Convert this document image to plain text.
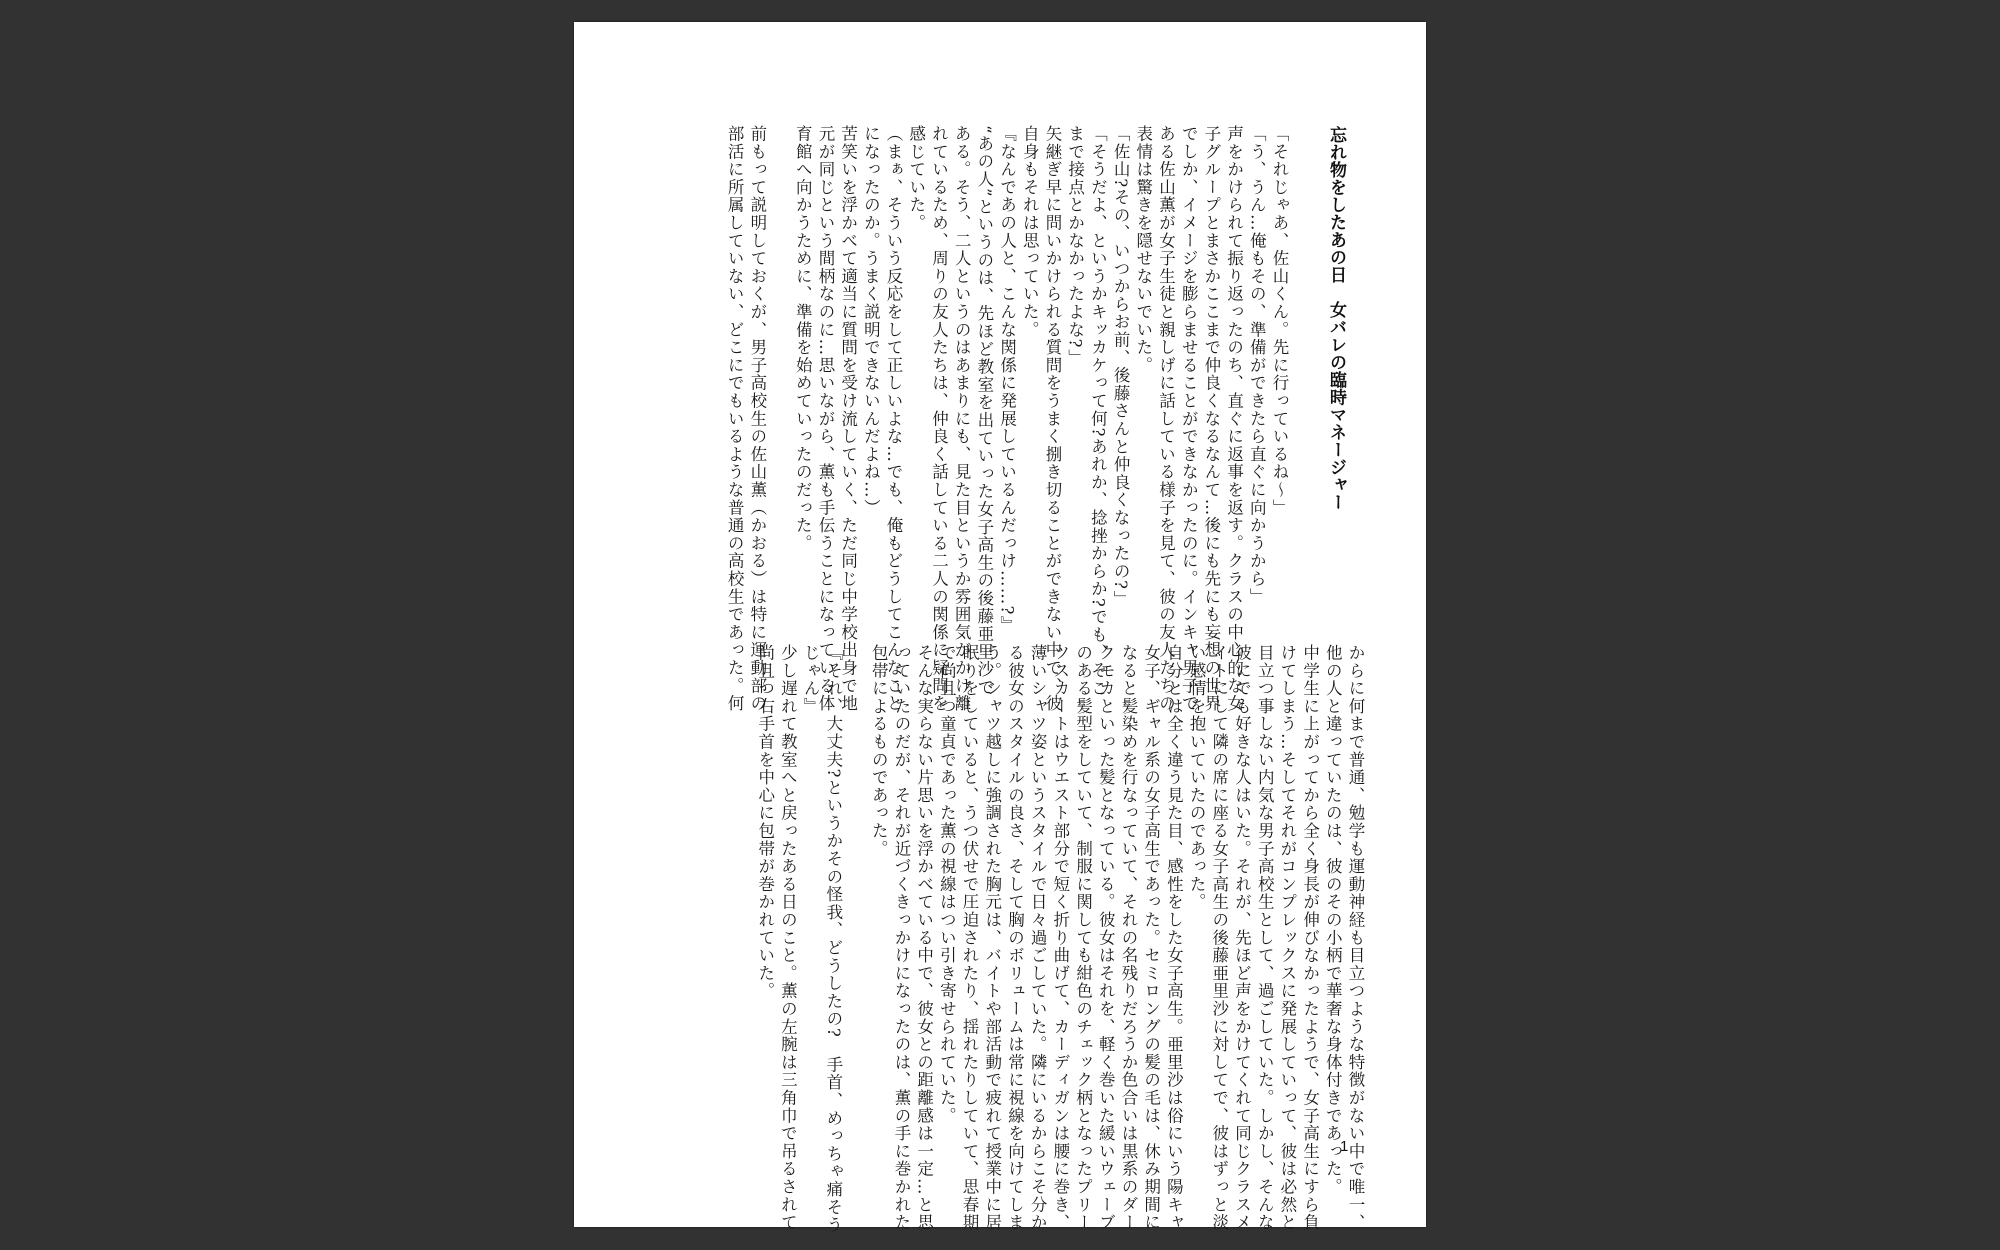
忘れ物をしたあの日　女バレの臨時マネージャー

「それじゃあ、佐山くん。先に行っているね～」

「う、うん…俺もその、準備ができたら直ぐに向かうから」

声をかけられて振り返ったのち、直ぐに返事を返す。クラスの中心的な女

子グループとまさかここまで仲良くなるなんて…後にも先にも妄想の世界

でしか、イメージを膨らませることができなかったのに。インキャ男子で

ある佐山薫が女子生徒と親しげに話している様子を見て、彼の友人たちの

表情は驚きを隠せないでいた。

「佐山?その、いつからお前、後藤さんと仲良くなったの?」

「そうだよ、というかキッカケって何?あれか、捻挫からか?でも、そこ

まで接点とかなかったよな?」

矢継ぎ早に問いかけられる質問をうまく捌き切ることができない中で、彼

自身もそれは思っていた。

『なんであの人と、こんな関係に発展しているんだっけ……?』

“あの人”というのは、先ほど教室を出ていった女子高生の後藤亜里沙で

ある。そう、二人というのはあまりにも、見た目というか雰囲気がかけ離

れているため、周りの友人たちは、仲良く話している二人の関係に疑問を

感じていた。

（まぁ、そういう反応をして正しいよな…でも、俺もどうしてこんなこと

になったのか。うまく説明できないんだよね…）

苦笑いを浮かべて適当に質問を受け流していく、ただ同じ中学校出身で地

元が同じという間柄なのに…思いながら、薫も手伝うことになっている体

育館へ向かうために、準備を始めていったのだった。

前もって説明しておくが、男子高校生の佐山薫（かおる）は特に運動部の

部活に所属していない、どこにでもいるような普通の高校生であった。何

からに何まで普通、勉学も運動神経も目立つような特徴がない中で唯一、

他の人と違っていたのは、彼のその小柄で華奢な身体付きであった。

中学生に上がってから全く身長が伸びなかったようで、女子高生にすら負

けてしまう…そしてそれがコンプレックスに発展していって、彼は必然と

目立つ事しない内気な男子高校生として、過ごしていた。しかし、そんな

彼にでも好きな人はいた。それが、先ほど声をかけてくれて同じクラスメ

イトにして隣の席に座る女子高生の後藤亜里沙に対してで、彼はずっと淡

い感情を抱いていたのであった。

自分とは全く違う見た目、感性をした女子高生。亜里沙は俗にいう陽キャ

女子、ギャル系の女子高生であった。セミロングの髪の毛は、休み期間に

なると髪染めを行なっていて、それの名残りだろうか色合いは黒系のダー

クモカといった髪となっている。彼女はそれを、軽く巻いた緩いウェーブ

のある髪型をしていて、制服に関しても紺色のチェック柄となったプリー

ツスカートはウエスト部分で短く折り曲げて、カーディガンは腰に巻き、

薄いシャツ姿というスタイルで日々過ごしていた。隣にいるからこそ分か

る彼女のスタイルの良さ、そして胸のボリュームは常に視線を向けてしま

う。シャツ越しに強調された胸元は、バイトや部活動で疲れて授業中に居

眠りをしていると、うつ伏せで圧迫されたり、揺れたりしていて、思春期

で尚且つ童貞であった薫の視線はつい引き寄せられていた。

そんな実らない片思いを浮かべている中で、彼女との距離感は一定…と思

っていたのだが、それが近づくきっかけになったのは、薫の手に巻かれた

包帯によるものであった。

『それ、大丈夫?というかその怪我、どうしたの?　手首、めっちゃ痛そう

じゃん』

少し遅れて教室へと戻ったある日のこと。薫の左腕は三角巾で吊るされて

尚且つ右手首を中心に包帯が巻かれていた。

1
